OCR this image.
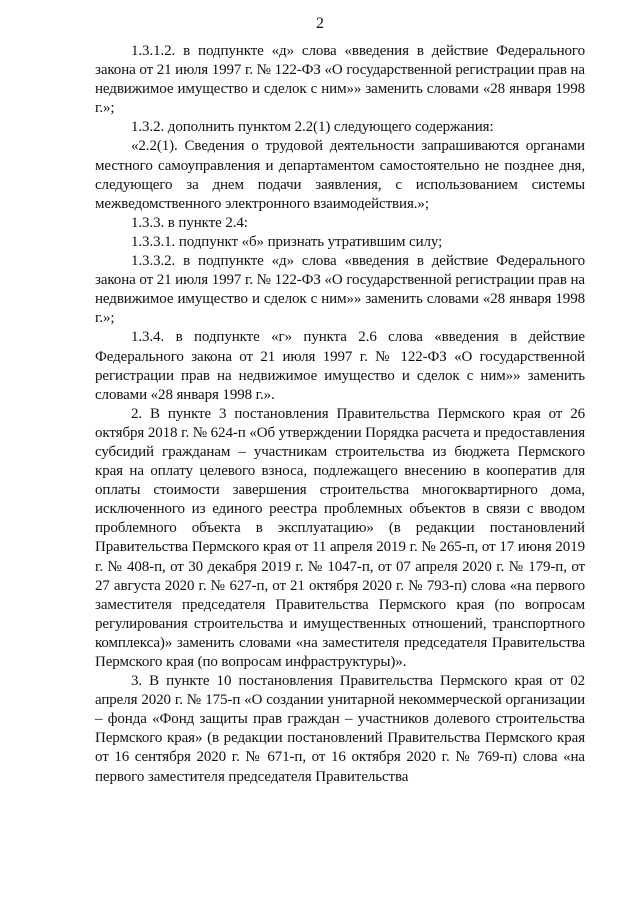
2

1.3.1.2. в подпункте «д» слова «введения в действие Федерального закона от 21 июля 1997 г. № 122-ФЗ «О государственной регистрации прав на недвижимое имущество и сделок с ним»» заменить словами «28 января 1998 г.»;

1.3.2. дополнить пунктом 2.2(1) следующего содержания:

«2.2(1). Сведения о трудовой деятельности запрашиваются органами местного самоуправления и департаментом самостоятельно не позднее дня, следующего за днем подачи заявления, с использованием системы межведомственного электронного взаимодействия.»;

1.3.3. в пункте 2.4:

1.3.3.1. подпункт «б» признать утратившим силу;

1.3.3.2. в подпункте «д» слова «введения в действие Федерального закона от 21 июля 1997 г. № 122-ФЗ «О государственной регистрации прав на недвижимое имущество и сделок с ним»» заменить словами «28 января 1998 г.»;

1.3.4. в подпункте «г» пункта 2.6 слова «введения в действие Федерального закона от 21 июля 1997 г. № 122-ФЗ «О государственной регистрации прав на недвижимое имущество и сделок с ним»» заменить словами «28 января 1998 г.».

2. В пункте 3 постановления Правительства Пермского края от 26 октября 2018 г. № 624-п «Об утверждении Порядка расчета и предоставления субсидий гражданам – участникам строительства из бюджета Пермского края на оплату целевого взноса, подлежащего внесению в кооператив для оплаты стоимости завершения строительства многоквартирного дома, исключенного из единого реестра проблемных объектов в связи с вводом проблемного объекта в эксплуатацию» (в редакции постановлений Правительства Пермского края от 11 апреля 2019 г. № 265-п, от 17 июня 2019 г. № 408-п, от 30 декабря 2019 г. № 1047-п, от 07 апреля 2020 г. № 179-п, от 27 августа 2020 г. № 627-п, от 21 октября 2020 г. № 793-п) слова «на первого заместителя председателя Правительства Пермского края (по вопросам регулирования строительства и имущественных отношений, транспортного комплекса)» заменить словами «на заместителя председателя Правительства Пермского края (по вопросам инфраструктуры)».

3. В пункте 10 постановления Правительства Пермского края от 02 апреля 2020 г. № 175-п «О создании унитарной некоммерческой организации – фонда «Фонд защиты прав граждан – участников долевого строительства Пермского края» (в редакции постановлений Правительства Пермского края от 16 сентября 2020 г. № 671-п, от 16 октября 2020 г. № 769-п) слова «на первого заместителя председателя Правительства
